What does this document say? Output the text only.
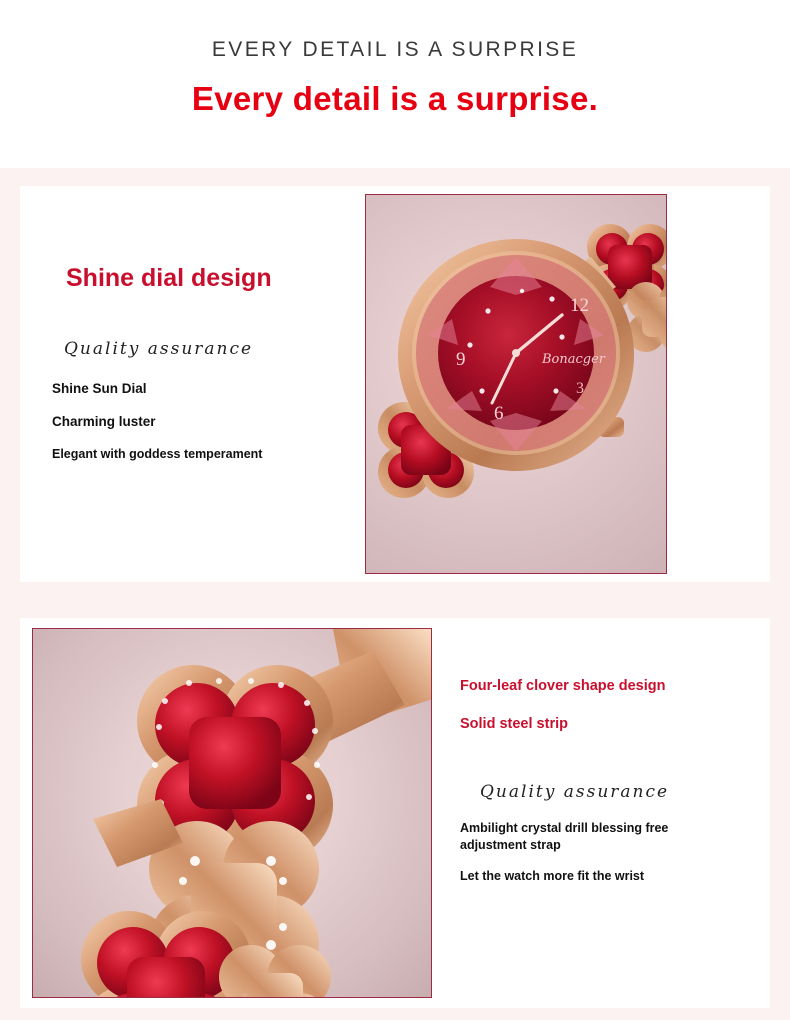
EVERY DETAIL IS A SURPRISE
Every detail is a surprise.
Shine dial design
Quality assurance
Shine Sun Dial
Charming luster
Elegant with goddess temperament
12
9
6
3
Bonacger
Four-leaf clover shape design
Solid steel strip
Quality assurance
Ambilight crystal drill blessing free adjustment strap
Let the watch more fit the wrist
